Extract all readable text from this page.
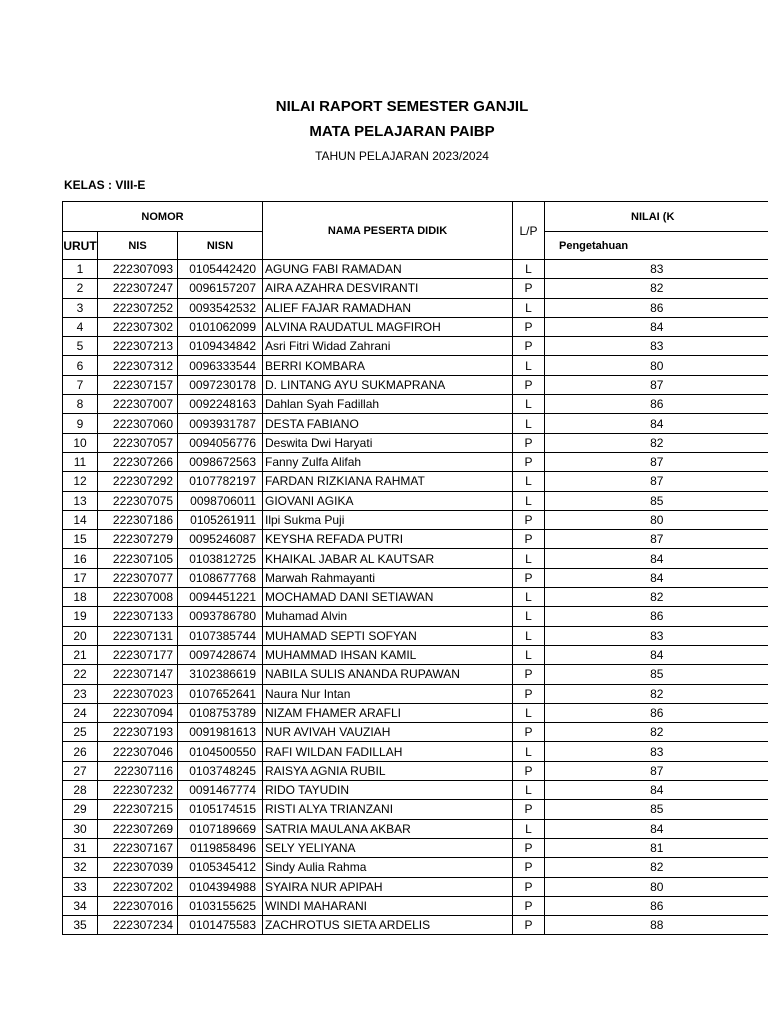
NILAI RAPORT SEMESTER GANJIL
MATA PELAJARAN PAIBP
TAHUN PELAJARAN 2023/2024
KELAS : VIII-E
NOMOR			NAMA PESERTA DIDIK	L/P	NILAI (K
URUT	NIS	NISN			Pengetahuan
1	222307093	0105442420	AGUNG FABI RAMADAN	L	83
2	222307247	0096157207	AIRA AZAHRA DESVIRANTI	P	82
3	222307252	0093542532	ALIEF FAJAR RAMADHAN	L	86
4	222307302	0101062099	ALVINA RAUDATUL MAGFIROH	P	84
5	222307213	0109434842	Asri Fitri Widad Zahrani	P	83
6	222307312	0096333544	BERRI KOMBARA	L	80
7	222307157	0097230178	D. LINTANG AYU SUKMAPRANA	P	87
8	222307007	0092248163	Dahlan Syah Fadillah	L	86
9	222307060	0093931787	DESTA FABIANO	L	84
10	222307057	0094056776	Deswita Dwi Haryati	P	82
11	222307266	0098672563	Fanny Zulfa Alifah	P	87
12	222307292	0107782197	FARDAN RIZKIANA RAHMAT	L	87
13	222307075	0098706011	GIOVANI AGIKA	L	85
14	222307186	0105261911	Ilpi Sukma Puji	P	80
15	222307279	0095246087	KEYSHA REFADA PUTRI	P	87
16	222307105	0103812725	KHAIKAL JABAR AL KAUTSAR	L	84
17	222307077	0108677768	Marwah Rahmayanti	P	84
18	222307008	0094451221	MOCHAMAD DANI SETIAWAN	L	82
19	222307133	0093786780	Muhamad Alvin	L	86
20	222307131	0107385744	MUHAMAD SEPTI SOFYAN	L	83
21	222307177	0097428674	MUHAMMAD IHSAN KAMIL	L	84
22	222307147	3102386619	NABILA SULIS ANANDA RUPAWAN	P	85
23	222307023	0107652641	Naura Nur Intan	P	82
24	222307094	0108753789	NIZAM FHAMER ARAFLI	L	86
25	222307193	0091981613	NUR AVIVAH VAUZIAH	P	82
26	222307046	0104500550	RAFI WILDAN FADILLAH	L	83
27	222307116	0103748245	RAISYA AGNIA RUBIL	P	87
28	222307232	0091467774	RIDO TAYUDIN	L	84
29	222307215	0105174515	RISTI ALYA TRIANZANI	P	85
30	222307269	0107189669	SATRIA MAULANA AKBAR	L	84
31	222307167	0119858496	SELY YELIYANA	P	81
32	222307039	0105345412	Sindy Aulia Rahma	P	82
33	222307202	0104394988	SYAIRA NUR APIPAH	P	80
34	222307016	0103155625	WINDI MAHARANI	P	86
35	222307234	0101475583	ZACHROTUS SIETA ARDELIS	P	88
